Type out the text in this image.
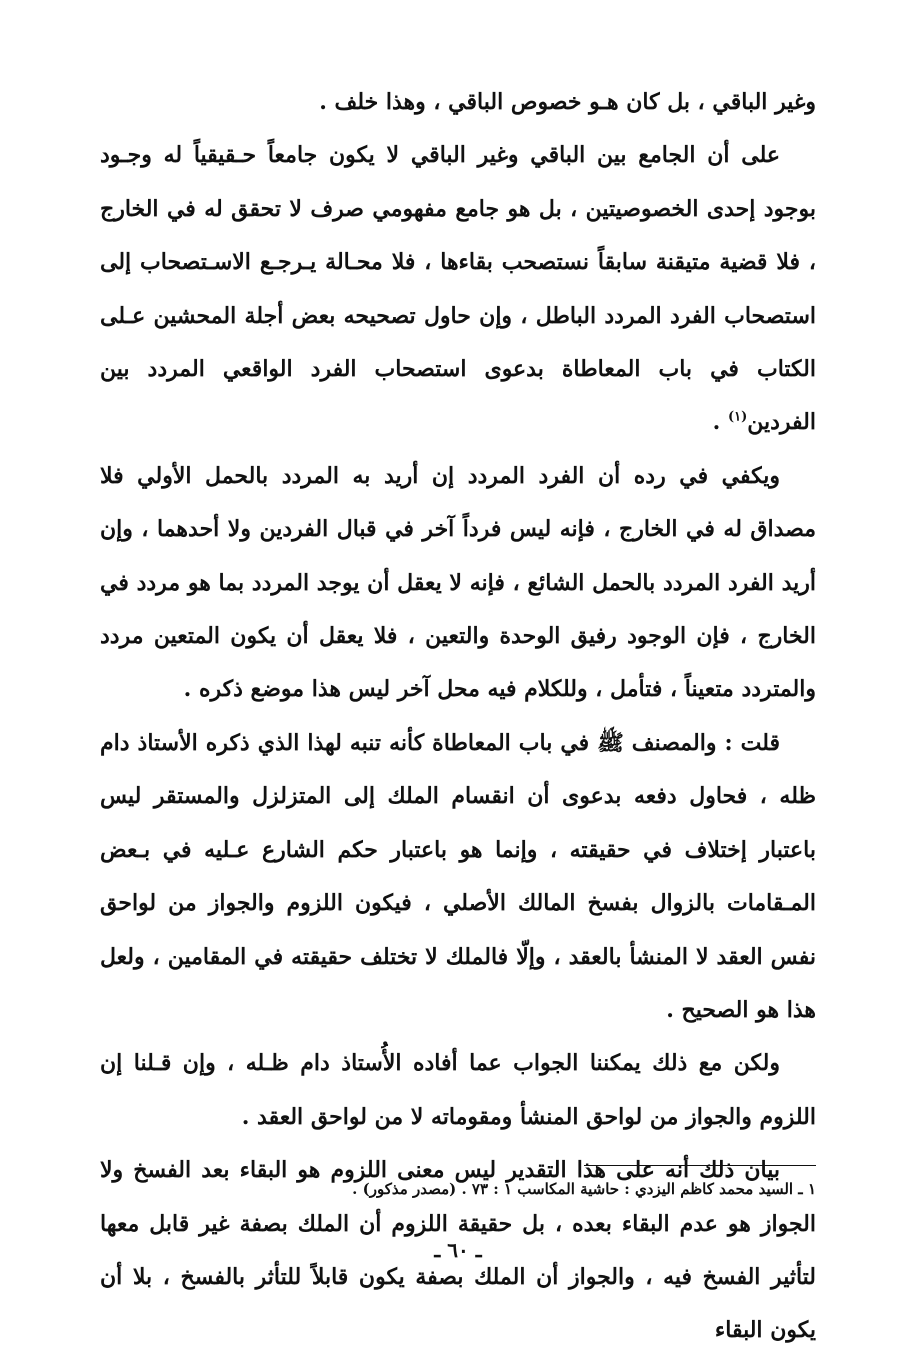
وغير الباقي ، بل كان هـو خصوص الباقي ، وهذا خلف .

على أن الجامع بين الباقي وغير الباقي لا يكون جامعاً حـقيقياً له وجـود بوجود إحدى الخصوصيتين ، بل هو جامع مفهومي صرف لا تحقق له في الخارج ، فلا قضية متيقنة سابقاً نستصحب بقاءها ، فلا محـالة يـرجـع الاسـتصحاب إلى استصحاب الفرد المردد الباطل ، وإن حاول تصحيحه بعض أجلة المحشين عـلى الكتاب في باب المعاطاة بدعوى استصحاب الفرد الواقعي المردد بين الفردين$^{(١)}$ .

ويكفي في رده أن الفرد المردد إن أريد به المردد بالحمل الأولي فلا مصداق له في الخارج ، فإنه ليس فرداً آخر في قبال الفردين ولا أحدهما ، وإن أريد الفرد المردد بالحمل الشائع ، فإنه لا يعقل أن يوجد المردد بما هو مردد في الخارج ، فإن الوجود رفيق الوحدة والتعين ، فلا يعقل أن يكون المتعين مردد والمتردد متعيناً ، فتأمل ، وللكلام فيه محل آخر ليس هذا موضع ذكره .

قلت : والمصنف ﷺ في باب المعاطاة كأنه تنبه لهذا الذي ذكره الأستاذ دام ظله ، فحاول دفعه بدعوى أن انقسام الملك إلى المتزلزل والمستقر ليس باعتبار إختلاف في حقيقته ، وإنما هو باعتبار حكم الشارع عـليه في بـعض المـقامات بالزوال بفسخ المالك الأصلي ، فيكون اللزوم والجواز من لواحق نفس العقد لا المنشأ بالعقد ، وإلّا فالملك لا تختلف حقيقته في المقامين ، ولعل هذا هو الصحيح .

ولكن مع ذلك يمكننا الجواب عما أفاده الأُستاذ دام ظـله ، وإن قـلنا إن اللزوم والجواز من لواحق المنشأ ومقوماته لا من لواحق العقد .

بيان ذلك أنه على هذا التقدير ليس معنى اللزوم هو البقاء بعد الفسخ ولا الجواز هو عدم البقاء بعده ، بل حقيقة اللزوم أن الملك بصفة غير قابل معها لتأثير الفسخ فيه ، والجواز أن الملك بصفة يكون قابلاً للتأثر بالفسخ ، بلا أن يكون البقاء

١ ـ السيد محمد كاظم اليزدي : حاشية المكاسب ١ : ٧٣ . (مصدر مذكور) .

ـ ٦٠ ـ
